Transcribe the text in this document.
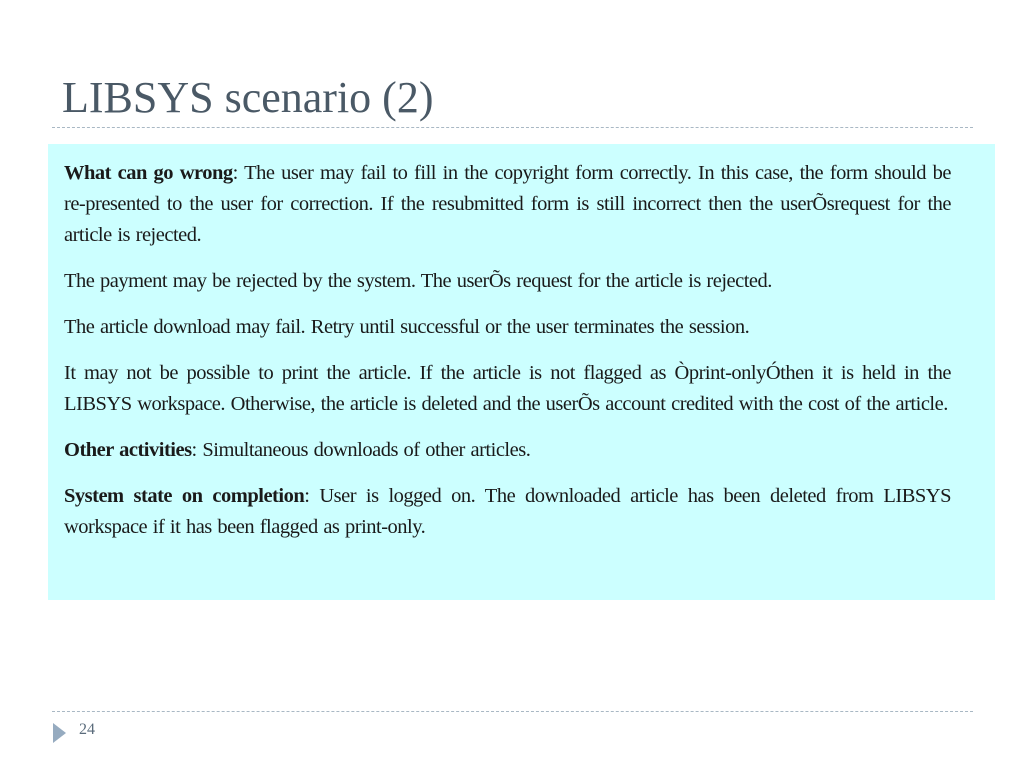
LIBSYS scenario (2)

What can go wrong: The user may fail to fill in the copyright form correctly. In this case, the form should be re-presented to the user for correction. If the resubmitted form is still incorrect then the userÕsrequest for the article is rejected.

The payment may be rejected by the system. The userÕs request for the article is rejected.

The article download may fail. Retry until successful or the user terminates the session.

It may not be possible to print the article. If the article is not flagged as Òprint-onlyÓthen it is held in the LIBSYS workspace. Otherwise, the article is deleted and the userÕs account credited with the cost of the article.

Other activities: Simultaneous downloads of other articles.

System state on completion: User is logged on. The downloaded article has been deleted from LIBSYS workspace if it has been flagged as print-only.

24
